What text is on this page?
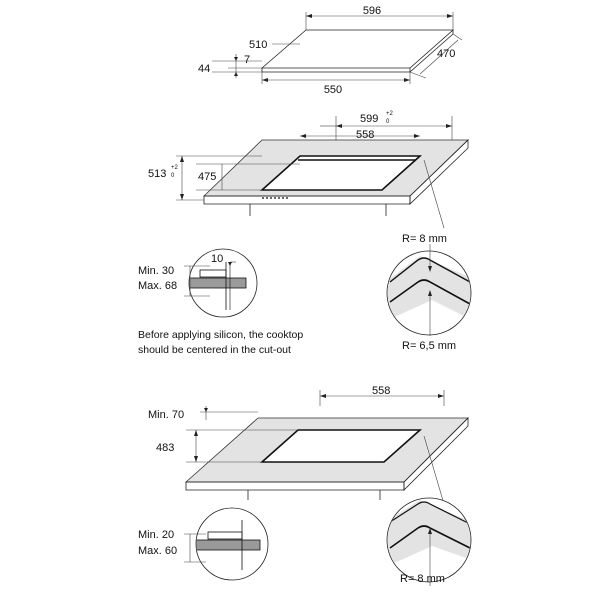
596
510
470
550
44
7
599 +2
0
558
513 +2
0 475
R= 8 mm
R= 6,5 mm
Min. 30
Max. 68
10
Before applying silicon, the cooktop
should be centered in the cut-out
558
Min. 70
483
R= 8 mm
Min. 20
Max. 60
